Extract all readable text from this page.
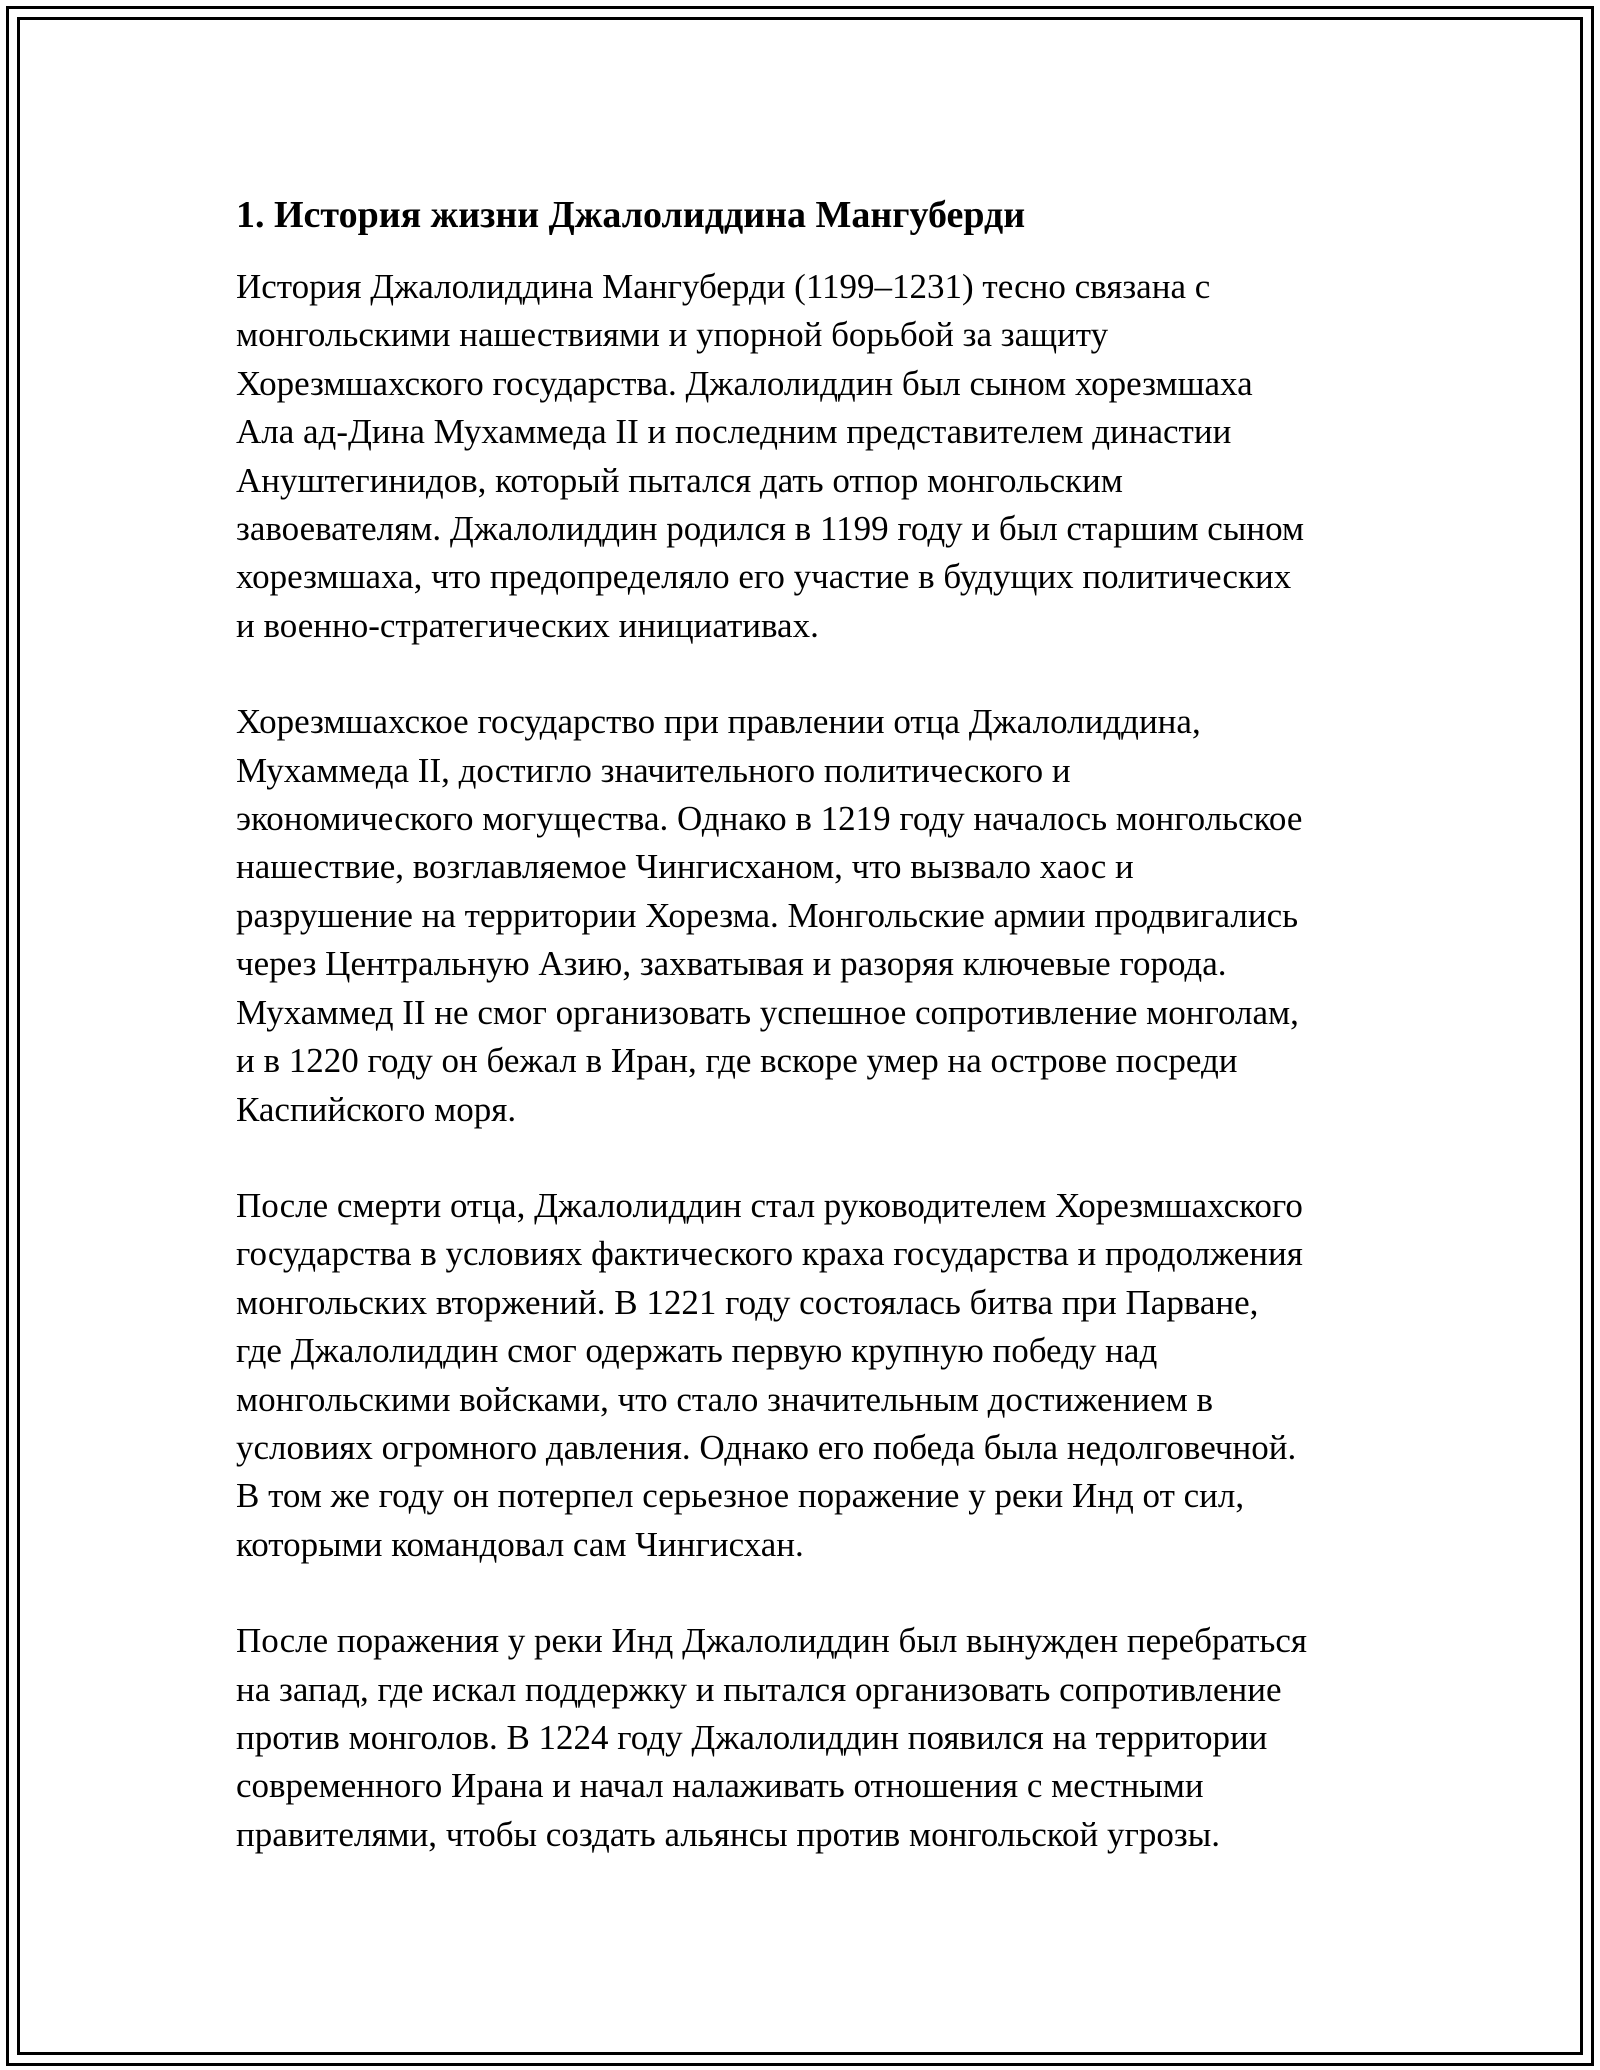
1. История жизни Джалолиддина Мангуберди

История Джалолиддина Мангуберди (1199–1231) тесно связана с
монгольскими нашествиями и упорной борьбой за защиту
Хорезмшахского государства. Джалолиддин был сыном хорезмшаха
Ала ад-Дина Мухаммеда II и последним представителем династии
Ануштегинидов, который пытался дать отпор монгольским
завоевателям. Джалолиддин родился в 1199 году и был старшим сыном
хорезмшаха, что предопределяло его участие в будущих политических
и военно-стратегических инициативах.

Хорезмшахское государство при правлении отца Джалолиддина,
Мухаммеда II, достигло значительного политического и
экономического могущества. Однако в 1219 году началось монгольское
нашествие, возглавляемое Чингисханом, что вызвало хаос и
разрушение на территории Хорезма. Монгольские армии продвигались
через Центральную Азию, захватывая и разоряя ключевые города.
Мухаммед II не смог организовать успешное сопротивление монголам,
и в 1220 году он бежал в Иран, где вскоре умер на острове посреди
Каспийского моря.

После смерти отца, Джалолиддин стал руководителем Хорезмшахского
государства в условиях фактического краха государства и продолжения
монгольских вторжений. В 1221 году состоялась битва при Парване,
где Джалолиддин смог одержать первую крупную победу над
монгольскими войсками, что стало значительным достижением в
условиях огромного давления. Однако его победа была недолговечной.
В том же году он потерпел серьезное поражение у реки Инд от сил,
которыми командовал сам Чингисхан.

После поражения у реки Инд Джалолиддин был вынужден перебраться
на запад, где искал поддержку и пытался организовать сопротивление
против монголов. В 1224 году Джалолиддин появился на территории
современного Ирана и начал налаживать отношения с местными
правителями, чтобы создать альянсы против монгольской угрозы.
